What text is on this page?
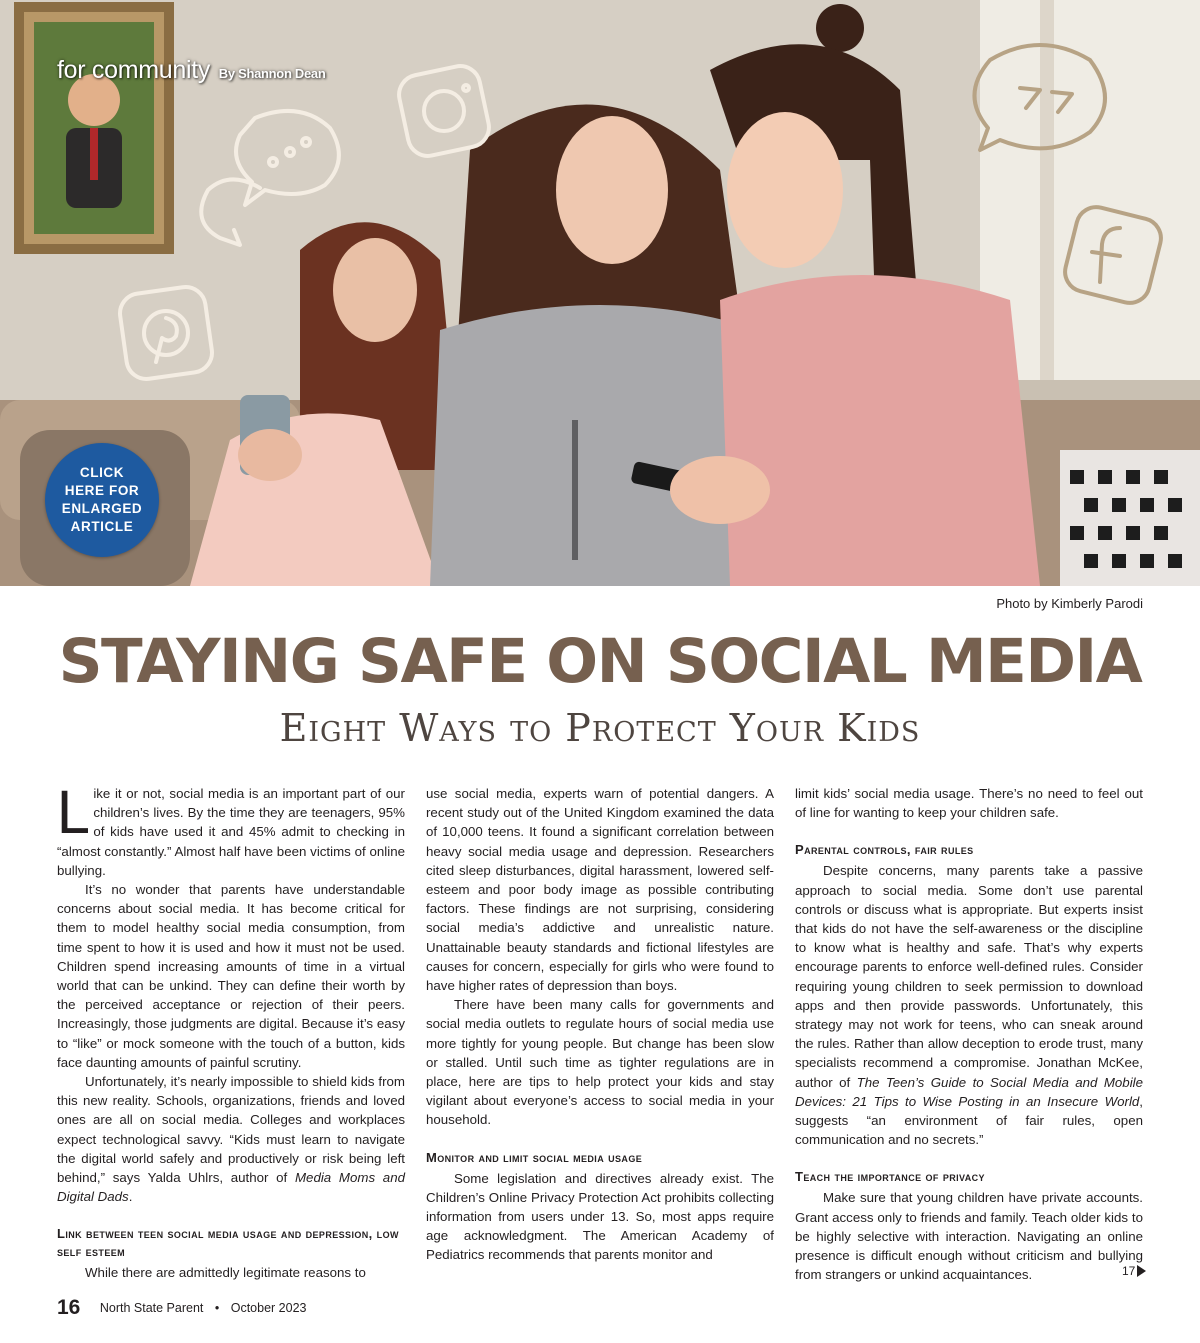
for community By Shannon Dean
CLICK
HERE FOR
ENLARGED
ARTICLE
Photo by Kimberly Parodi
STAYING SAFE ON SOCIAL MEDIA
Eight Ways to Protect Your Kids

Like it or not, social media is an important part of our children’s lives. By the time they are teenagers, 95% of kids have used it and 45% admit to checking in “almost constantly.” Almost half have been victims of online bullying.

It’s no wonder that parents have understandable concerns about social media. It has become critical for them to model healthy social media consumption, from time spent to how it is used and how it must not be used. Children spend increasing amounts of time in a virtual world that can be unkind. They can define their worth by the perceived acceptance or rejection of their peers. Increasingly, those judgments are digital. Because it’s easy to “like” or mock someone with the touch of a button, kids face daunting amounts of painful scrutiny.

Unfortunately, it’s nearly impossible to shield kids from this new reality. Schools, organizations, friends and loved ones are all on social media. Colleges and workplaces expect technological savvy. “Kids must learn to navigate the digital world safely and productively or risk being left behind,” says Yalda Uhlrs, author of Media Moms and Digital Dads.

Link between teen social media usage and depression, low self esteem

While there are admittedly legitimate reasons to

use social media, experts warn of potential dangers. A recent study out of the United Kingdom examined the data of 10,000 teens. It found a significant correlation between heavy social media usage and depression. Researchers cited sleep disturbances, digital harassment, lowered self-esteem and poor body image as possible contributing factors. These findings are not surprising, considering social media’s addictive and unrealistic nature. Unattainable beauty standards and fictional lifestyles are causes for concern, especially for girls who were found to have higher rates of depression than boys.

There have been many calls for governments and social media outlets to regulate hours of social media use more tightly for young people. But change has been slow or stalled. Until such time as tighter regulations are in place, here are tips to help protect your kids and stay vigilant about everyone’s access to social media in your household.

Monitor and limit social media usage

Some legislation and directives already exist. The Children’s Online Privacy Protection Act prohibits collecting information from users under 13. So, most apps require age acknowledgment. The American Academy of Pediatrics recommends that parents monitor and

limit kids’ social media usage. There’s no need to feel out of line for wanting to keep your children safe.

Parental controls, fair rules

Despite concerns, many parents take a passive approach to social media. Some don’t use parental controls or discuss what is appropriate. But experts insist that kids do not have the self-awareness or the discipline to know what is healthy and safe. That’s why experts encourage parents to enforce well-defined rules. Consider requiring young children to seek permission to download apps and then provide passwords. Unfortunately, this strategy may not work for teens, who can sneak around the rules. Rather than allow deception to erode trust, many specialists recommend a compromise. Jonathan McKee, author of The Teen’s Guide to Social Media and Mobile Devices: 21 Tips to Wise Posting in an Insecure World, suggests “an environment of fair rules, open communication and no secrets.”

Teach the importance of privacy

Make sure that young children have private accounts. Grant access only to friends and family. Teach older kids to be highly selective with interaction. Navigating an online presence is difficult enough without criticism and bullying from strangers or unkind acquaintances.	17
16 North State Parent • October 2023
